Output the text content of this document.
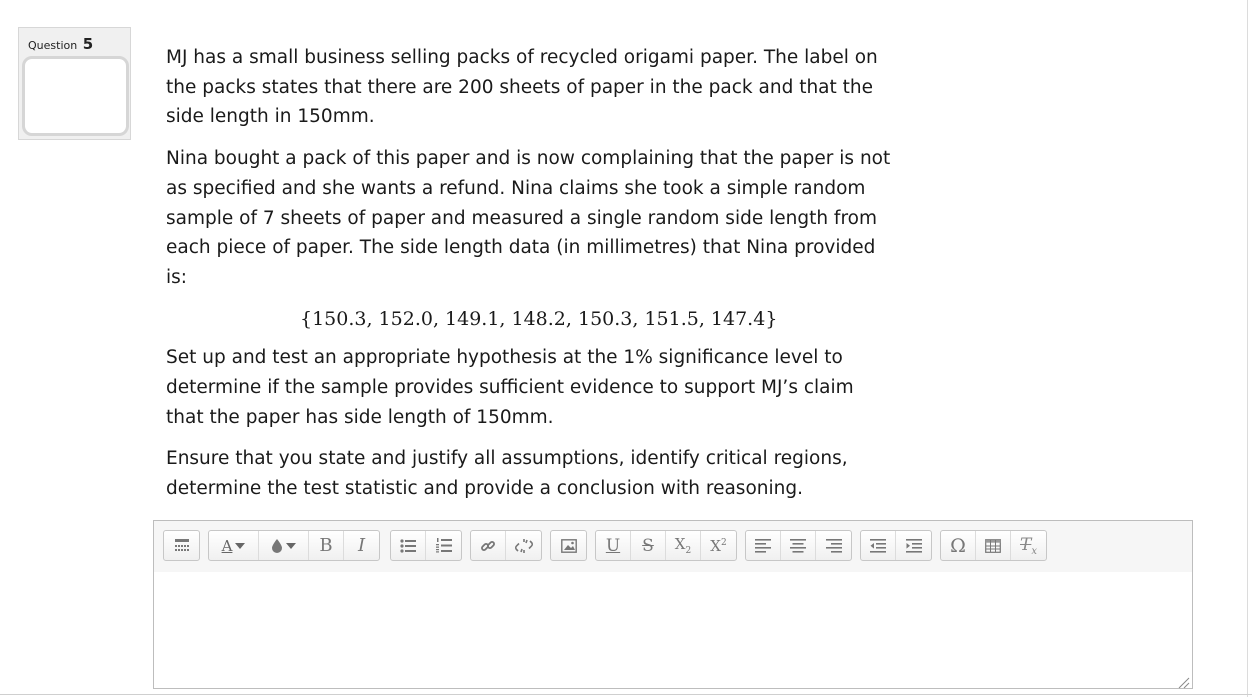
Question 5

MJ has a small business selling packs of recycled origami paper. The label on the packs states that there are 200 sheets of paper in the pack and that the side length in 150mm.

Nina bought a pack of this paper and is now complaining that the paper is not as specified and she wants a refund. Nina claims she took a simple random sample of 7 sheets of paper and measured a single random side length from each piece of paper. The side length data (in millimetres) that Nina provided is:

{150.3, 152.0, 149.1, 148.2, 150.3, 151.5, 147.4}

Set up and test an appropriate hypothesis at the 1% significance level to determine if the sample provides sufficient evidence to support MJ’s claim that the paper has side length of 150mm.

Ensure that you state and justify all assumptions, identify critical regions, determine the test statistic and provide a conclusion with reasoning.

A	B I	U S $X_2$ $X^2$	Ω	$T_x$
